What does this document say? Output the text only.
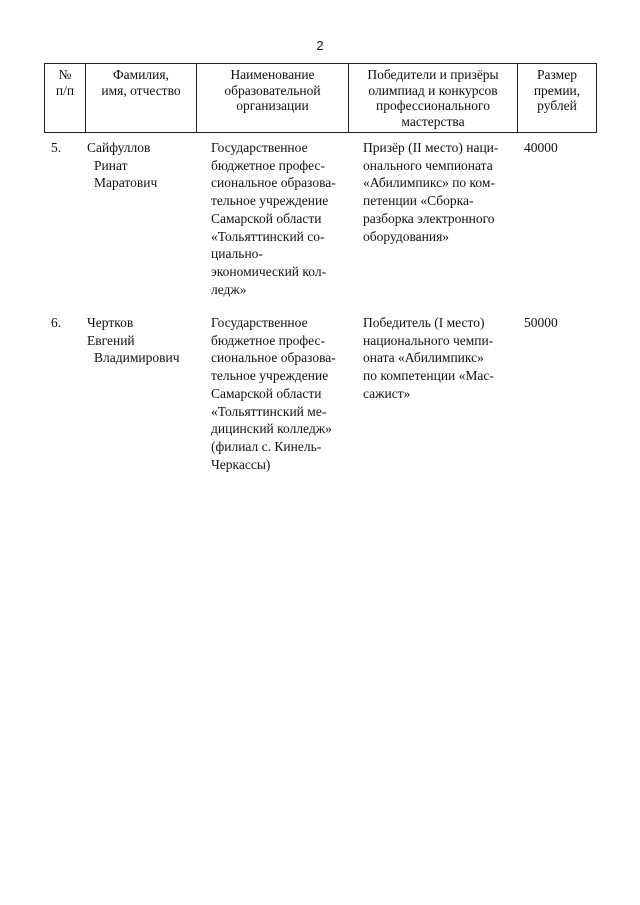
2
№
п/п
Фамилия,
имя, отчество
Наименование
образовательной
организации
Победители и призёры
олимпиад и конкурсов
профессионального
мастерства
Размер
премии,
рублей
5.	Сайфуллов
Ринат
Маратович
Государственное
бюджетное профес-
сиональное образова-
тельное учреждение
Самарской области
«Тольяттинский со-
циально-
экономический кол-
ледж»
Призёр (II место) наци-
онального чемпионата
«Абилимпикс» по ком-
петенции «Сборка-
разборка электронного
оборудования»
40000
6.	Чертков
Евгений
Владимирович
Государственное
бюджетное профес-
сиональное образова-
тельное учреждение
Самарской области
«Тольяттинский ме-
дицинский колледж»
(филиал с. Кинель-
Черкассы)
Победитель (I место)
национального чемпи-
оната «Абилимпикс»
по компетенции «Мас-
сажист»
50000
